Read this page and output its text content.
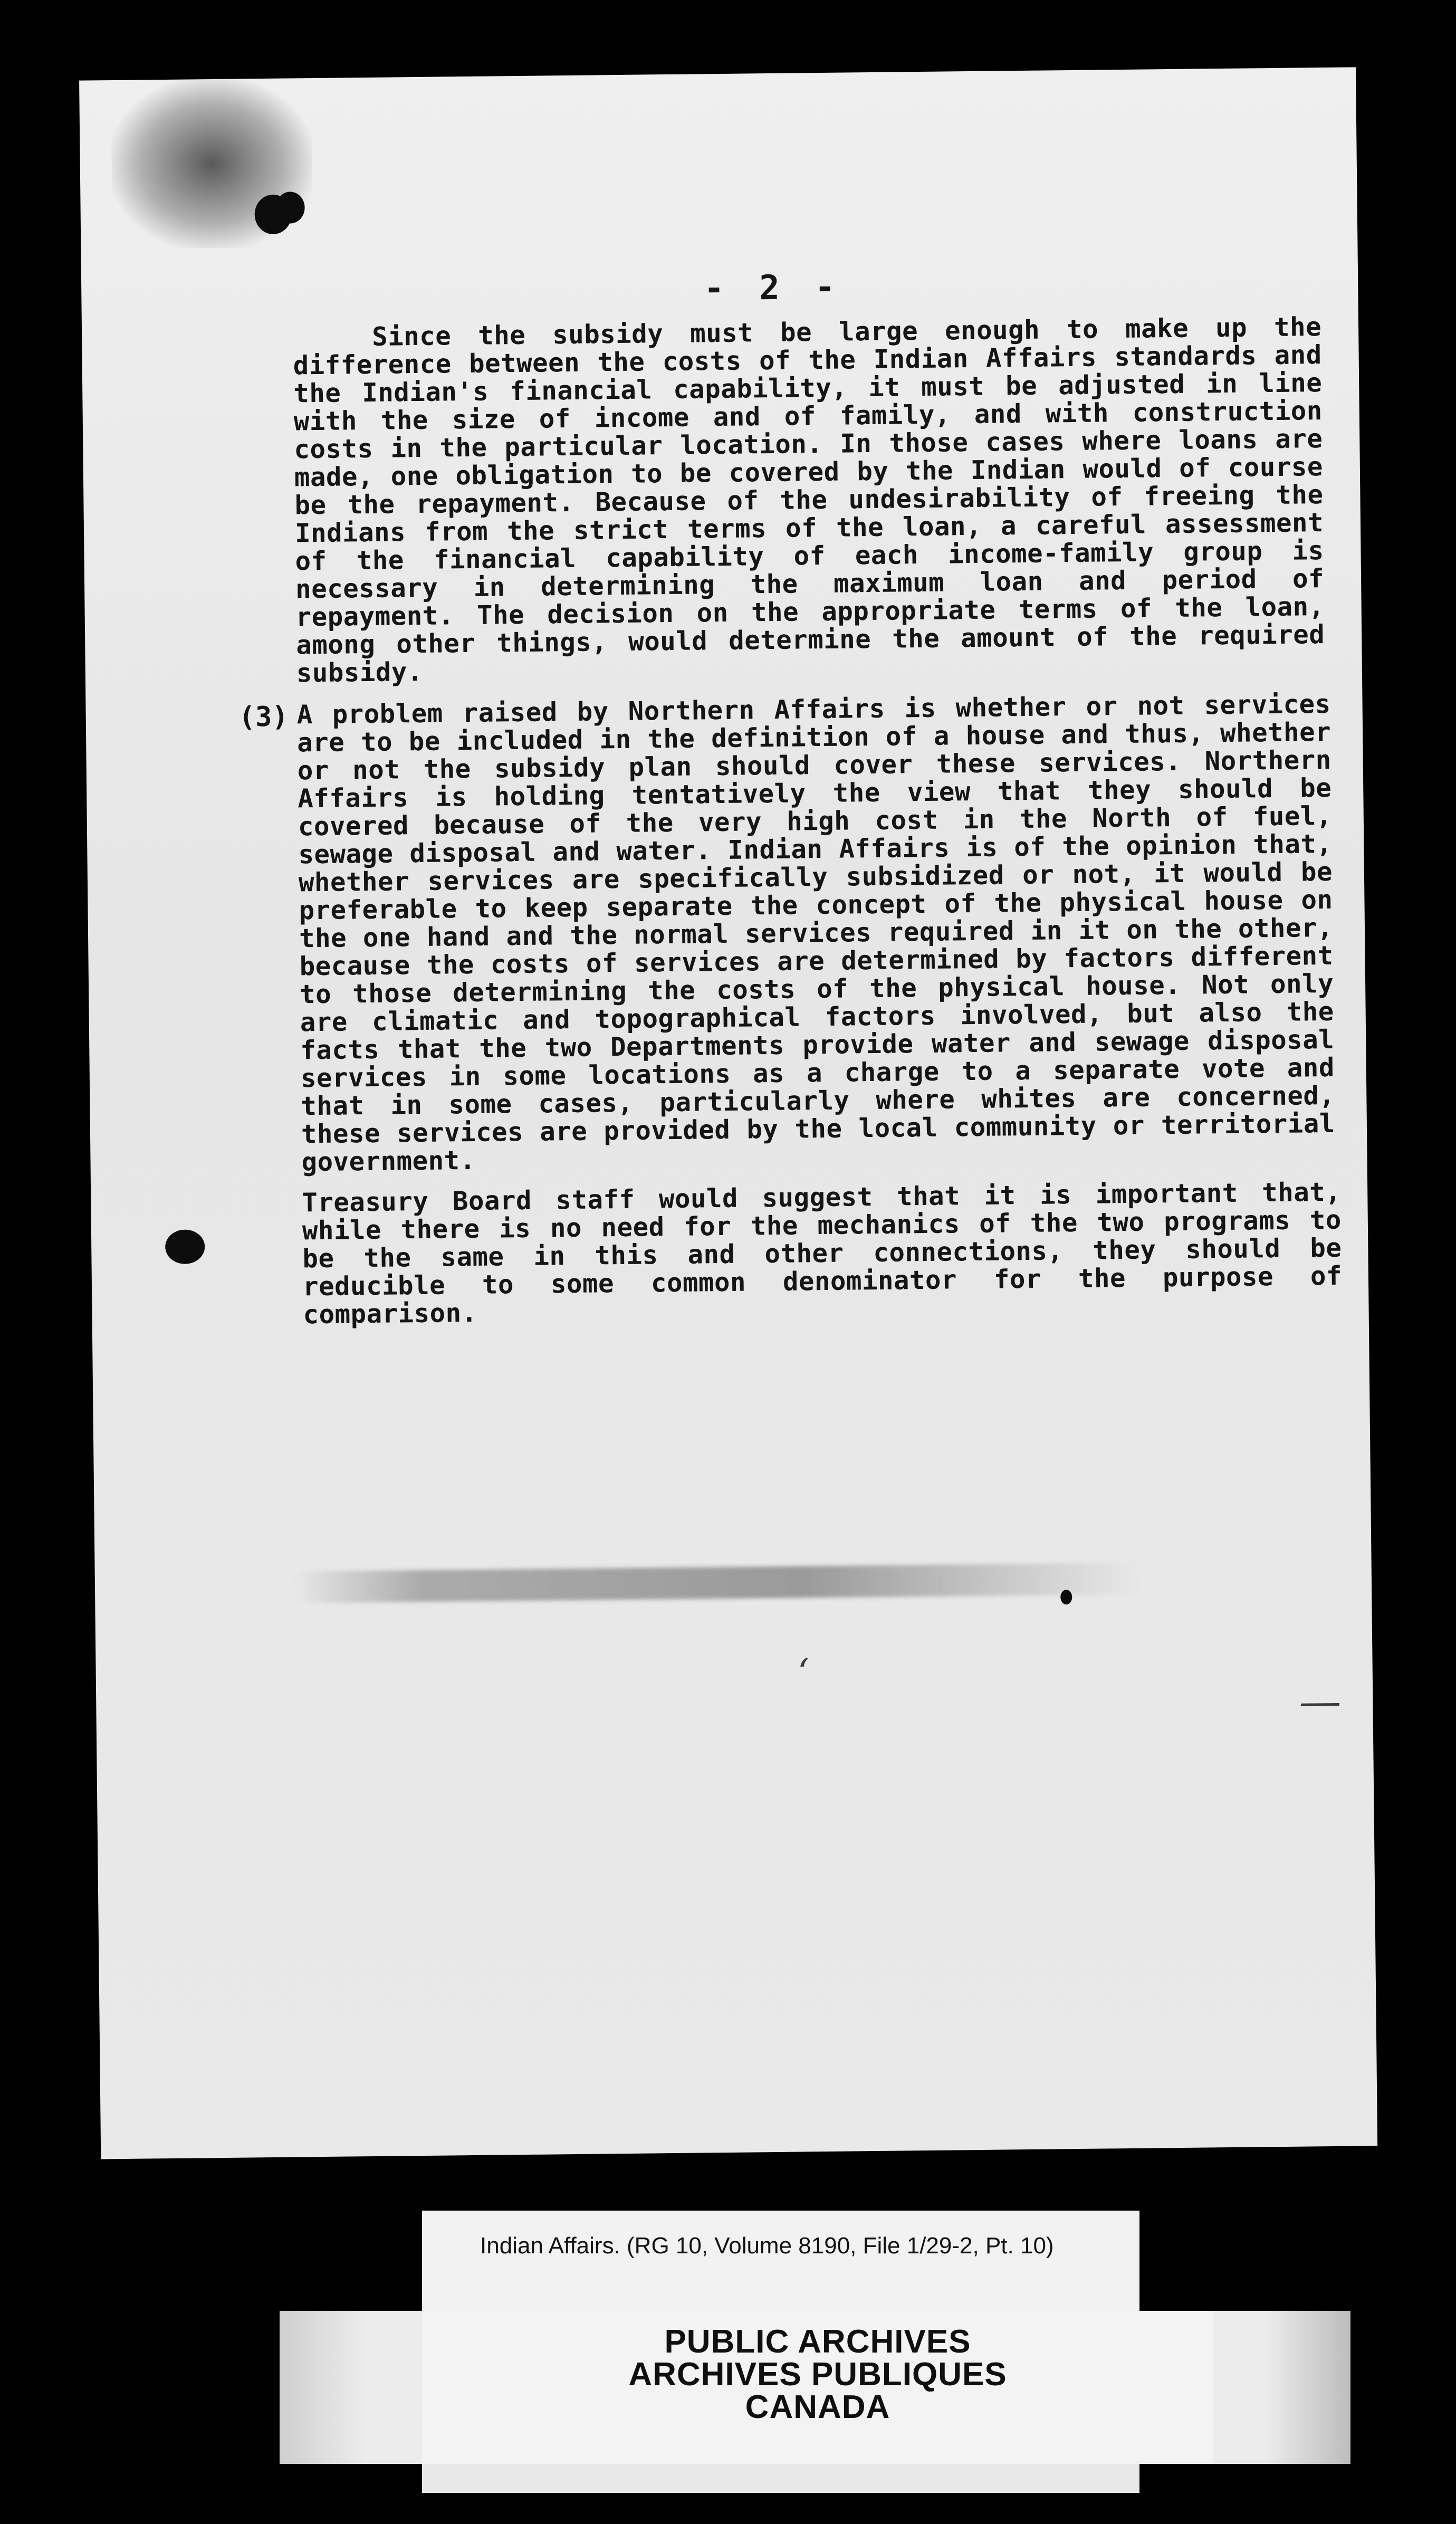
- 2 -
Since the subsidy must be large enough to make up the difference between the costs of the Indian Affairs standards and the Indian's financial capability, it must be adjusted in line with the size of income and of family, and with construction costs in the particular location. In those cases where loans are made, one obligation to be covered by the Indian would of course be the repayment. Because of the undesirability of freeing the Indians from the strict terms of the loan, a careful assessment of the financial capability of each income-family group is necessary in determining the maximum loan and period of repayment. The decision on the appropriate terms of the loan, among other things, would determine the amount of the required subsidy.
(3) A problem raised by Northern Affairs is whether or not services are to be included in the definition of a house and thus, whether or not the subsidy plan should cover these services. Northern Affairs is holding tentatively the view that they should be covered because of the very high cost in the North of fuel, sewage disposal and water. Indian Affairs is of the opinion that, whether services are specifically subsidized or not, it would be preferable to keep separate the concept of the physical house on the one hand and the normal services required in it on the other, because the costs of services are determined by factors different to those determining the costs of the physical house. Not only are climatic and topographical factors involved, but also the facts that the two Departments provide water and sewage disposal services in some locations as a charge to a separate vote and that in some cases, particularly where whites are concerned, these services are provided by the local community or territorial government.
Treasury Board staff would suggest that it is important that, while there is no need for the mechanics of the two programs to be the same in this and other connections, they should be reducible to some common denominator for the purpose of comparison.
‘
—
Indian Affairs. (RG 10, Volume 8190, File 1/29-2, Pt. 10)
PUBLIC ARCHIVES
ARCHIVES PUBLIQUES
CANADA
